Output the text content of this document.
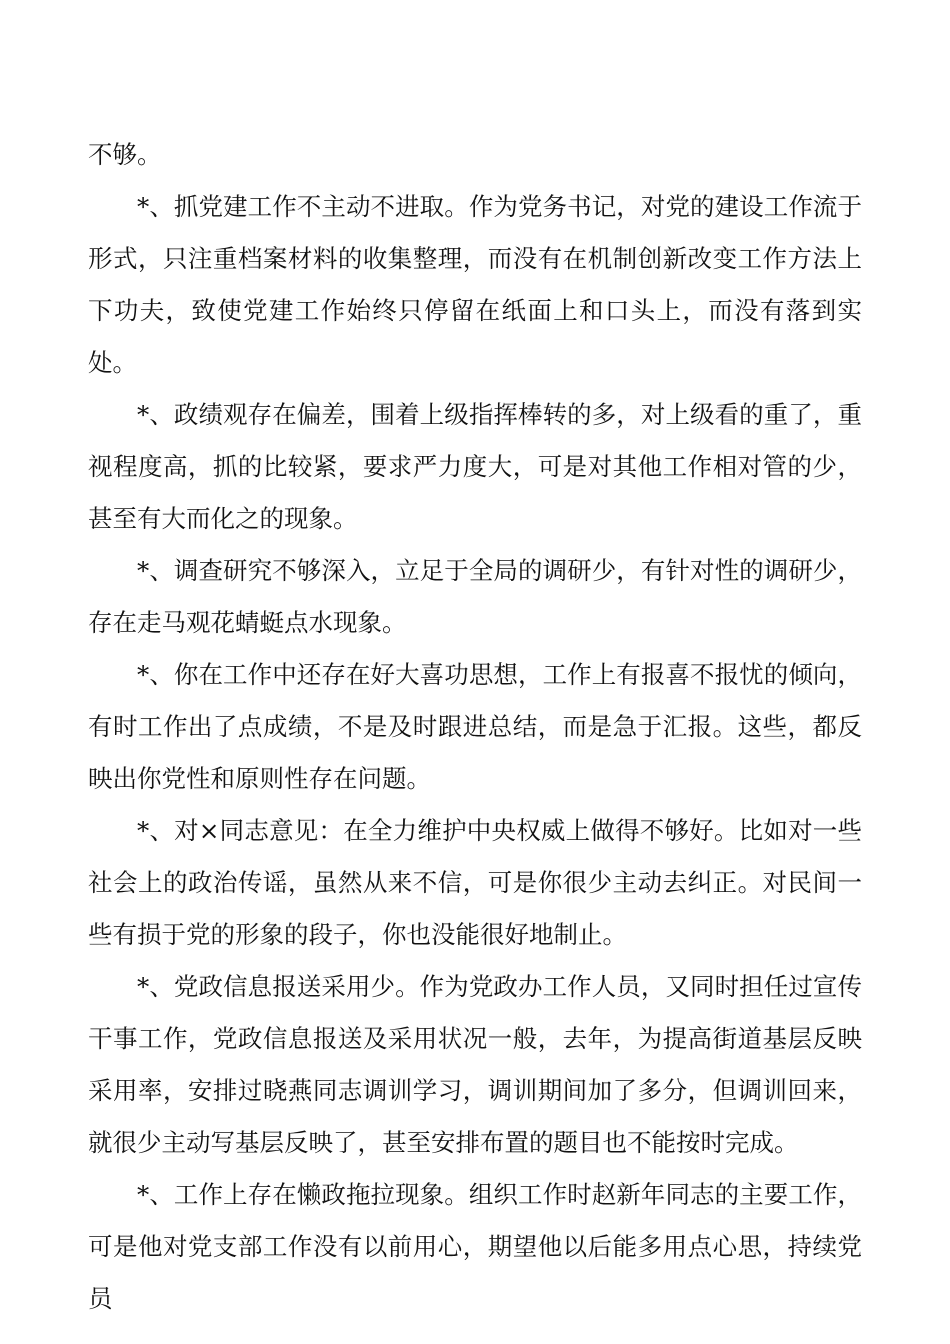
不够。

*、抓党建工作不主动不进取。作为党务书记，对党的建设工作流于形式，只注重档案材料的收集整理，而没有在机制创新改变工作方法上下功夫，致使党建工作始终只停留在纸面上和口头上，而没有落到实处。

*、政绩观存在偏差，围着上级指挥棒转的多，对上级看的重了，重视程度高，抓的比较紧，要求严力度大，可是对其他工作相对管的少，甚至有大而化之的现象。

*、调查研究不够深入，立足于全局的调研少，有针对性的调研少，存在走马观花蜻蜓点水现象。

*、你在工作中还存在好大喜功思想，工作上有报喜不报忧的倾向，有时工作出了点成绩，不是及时跟进总结，而是急于汇报。这些，都反映出你党性和原则性存在问题。

*、对×同志意见：在全力维护中央权威上做得不够好。比如对一些社会上的政治传谣，虽然从来不信，可是你很少主动去纠正。对民间一些有损于党的形象的段子，你也没能很好地制止。

*、党政信息报送采用少。作为党政办工作人员，又同时担任过宣传干事工作，党政信息报送及采用状况一般，去年，为提高街道基层反映采用率，安排过晓燕同志调训学习，调训期间加了多分，但调训回来，就很少主动写基层反映了，甚至安排布置的题目也不能按时完成。

*、工作上存在懒政拖拉现象。组织工作时赵新年同志的主要工作，可是他对党支部工作没有以前用心，期望他以后能多用点心思，持续党员
